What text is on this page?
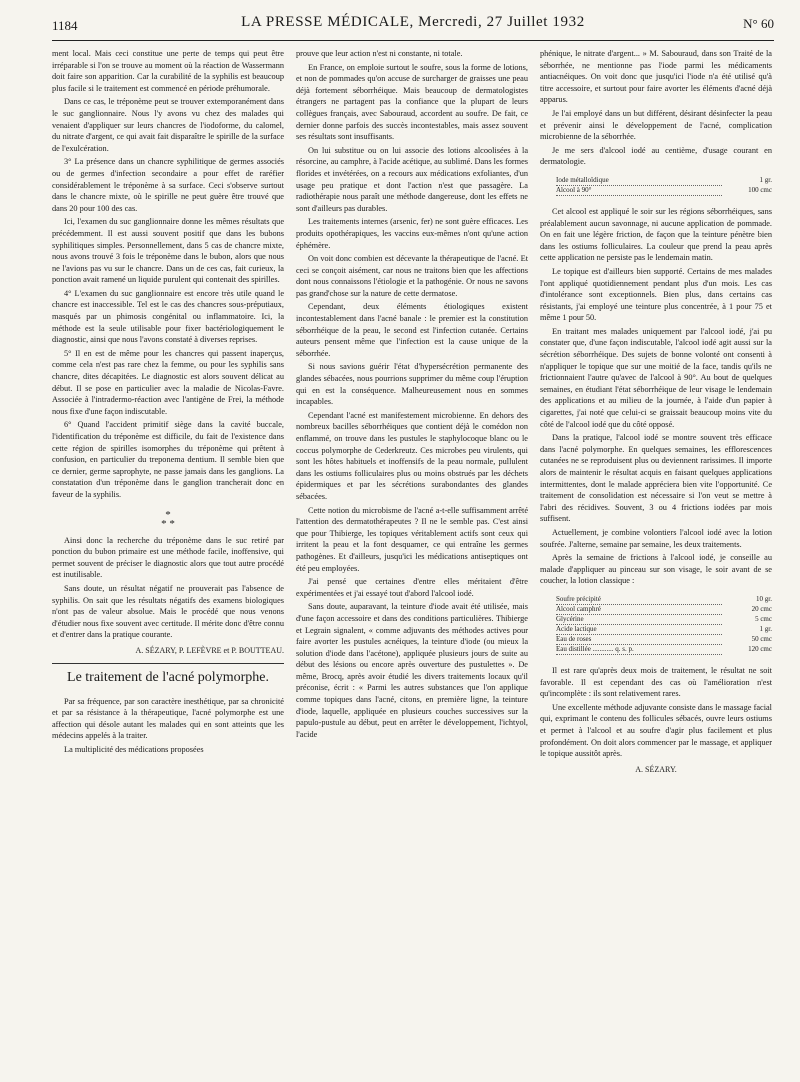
1184	LA PRESSE MÉDICALE, Mercredi, 27 Juillet 1932	N° 60

ment local. Mais ceci constitue une perte de temps qui peut être irréparable si l'on se trouve au moment où la réaction de Wassermann doit faire son apparition. Car la curabilité de la syphilis est beaucoup plus facile si le traitement est commencé en période préhumorale.

Dans ce cas, le tréponème peut se trouver extemporanément dans le suc ganglionnaire. Nous l'y avons vu chez des malades qui venaient d'appliquer sur leurs chancres de l'iodoforme, du calomel, du nitrate d'argent, ce qui avait fait disparaître le spirille de la surface de l'exulcération.

3° La présence dans un chancre syphilitique de germes associés ou de germes d'infection secondaire a pour effet de raréfier considérablement le tréponème à sa surface. Ceci s'observe surtout dans le chancre mixte, où le spirille ne peut guère être trouvé que dans 20 pour 100 des cas.

Ici, l'examen du suc ganglionnaire donne les mêmes résultats que précédemment. Il est aussi souvent positif que dans les bubons syphilitiques simples. Personnellement, dans 5 cas de chancre mixte, nous avons trouvé 3 fois le tréponème dans le bubon, alors que nous ne l'avions pas vu sur le chancre. Dans un de ces cas, fait curieux, la ponction avait ramené un liquide purulent qui contenait des spirilles.

4° L'examen du suc ganglionnaire est encore très utile quand le chancre est inaccessible. Tel est le cas des chancres sous-préputiaux, masqués par un phimosis congénital ou inflammatoire. Ici, la méthode est la seule utilisable pour fixer bactériologiquement le diagnostic, ainsi que nous l'avons constaté à diverses reprises.

5° Il en est de même pour les chancres qui passent inaperçus, comme cela n'est pas rare chez la femme, ou pour les syphilis sans chancre, dites décapitées. Le diagnostic est alors souvent délicat au début. Il se pose en particulier avec la maladie de Nicolas-Favre. Associée à l'intradermo-réaction avec l'antigène de Frei, la méthode nous fixe d'une façon indiscutable.

6° Quand l'accident primitif siège dans la cavité buccale, l'identification du tréponème est difficile, du fait de l'existence dans cette région de spirilles isomorphes du tréponème qui prêtent à confusion, en particulier du treponema dentium. Il semble bien que ce dernier, germe saprophyte, ne passe jamais dans les ganglions. La constatation d'un tréponème dans le ganglion trancherait donc en faveur de la syphilis.

*
* *

Ainsi donc la recherche du tréponème dans le suc retiré par ponction du bubon primaire est une méthode facile, inoffensive, qui permet souvent de préciser le diagnostic alors que tout autre procédé est inutilisable.

Sans doute, un résultat négatif ne prouverait pas l'absence de syphilis. On sait que les résultats négatifs des examens biologiques n'ont pas de valeur absolue. Mais le procédé que nous venons d'étudier nous fixe souvent avec certitude. Il mérite donc d'être connu et d'entrer dans la pratique courante.

A. SÉZARY, P. LEFÈVRE et P. BOUTTEAU.
Le traitement de l'acné polymorphe.

Par sa fréquence, par son caractère inesthétique, par sa chronicité et par sa résistance à la thérapeutique, l'acné polymorphe est une affection qui désole autant les malades qui en sont atteints que les médecins appelés à la traiter.

La multiplicité des médications proposées

prouve que leur action n'est ni constante, ni totale.

En France, on emploie surtout le soufre, sous la forme de lotions, et non de pommades qu'on accuse de surcharger de graisses une peau déjà fortement séborrhéique. Mais beaucoup de dermatologistes étrangers ne partagent pas la confiance que la plupart de leurs collègues français, avec Sabouraud, accordent au soufre. De fait, ce dernier donne parfois des succès incontestables, mais assez souvent ses résultats sont insuffisants.

On lui substitue ou on lui associe des lotions alcoolisées à la résorcine, au camphre, à l'acide acétique, au sublimé. Dans les formes florides et invétérées, on a recours aux médications exfoliantes, d'un usage peu pratique et dont l'action n'est que passagère. La radiothérapie nous paraît une méthode dangereuse, dont les effets ne sont d'ailleurs pas durables.

Les traitements internes (arsenic, fer) ne sont guère efficaces. Les produits opothérapiques, les vaccins eux-mêmes n'ont qu'une action éphémère.

On voit donc combien est décevante la thérapeutique de l'acné. Et ceci se conçoit aisément, car nous ne traitons bien que les affections dont nous connaissons l'étiologie et la pathogénie. Or nous ne savons pas grand'chose sur la nature de cette dermatose.

Cependant, deux éléments étiologiques existent incontestablement dans l'acné banale : le premier est la constitution séborrhéique de la peau, le second est l'infection cutanée. Certains auteurs pensent même que l'infection est la cause unique de la séborrhée.

Si nous savions guérir l'état d'hypersécrétion permanente des glandes sébacées, nous pourrions supprimer du même coup l'éruption qui en est la conséquence. Malheureusement nous en sommes incapables.

Cependant l'acné est manifestement microbienne. En dehors des nombreux bacilles séborrhéiques que contient déjà le comédon non enflammé, on trouve dans les pustules le staphylocoque blanc ou le coccus polymorphe de Cederkreutz. Ces microbes peu virulents, qui sont les hôtes habituels et inoffensifs de la peau normale, pullulent dans les ostiums folliculaires plus ou moins obstrués par les déchets épidermiques et par les sécrétions surabondantes des glandes sébacées.

Cette notion du microbisme de l'acné a-t-elle suffisamment arrêté l'attention des dermatothérapeutes ? Il ne le semble pas. C'est ainsi que pour Thibierge, les topiques véritablement actifs sont ceux qui irritent la peau et la font desquamer, ce qui entraîne les germes pathogènes. Et d'ailleurs, jusqu'ici les médications antiseptiques ont été peu employées.

J'ai pensé que certaines d'entre elles méritaient d'être expérimentées et j'ai essayé tout d'abord l'alcool iodé.

Sans doute, auparavant, la teinture d'iode avait été utilisée, mais d'une façon accessoire et dans des conditions particulières. Thibierge et Legrain signalent, « comme adjuvants des méthodes actives pour faire avorter les pustules acnéiques, la teinture d'iode (ou mieux la solution d'iode dans l'acétone), appliquée plusieurs jours de suite au début des lésions ou encore après ouverture des pustulettes ». De même, Brocq, après avoir étudié les divers traitements locaux qu'il préconise, écrit : « Parmi les autres substances que l'on applique comme topiques dans l'acné, citons, en première ligne, la teinture d'iode, laquelle, appliquée en plusieurs couches successives sur la papulo-pustule au début, peut en arrêter le développement, l'ichtyol, l'acide

phénique, le nitrate d'argent... » M. Sabouraud, dans son Traité de la séborrhée, ne mentionne pas l'iode parmi les médicaments antiacnéiques. On voit donc que jusqu'ici l'iode n'a été utilisé qu'à titre accessoire, et surtout pour faire avorter les éléments d'acné déjà apparus.

Je l'ai employé dans un but différent, désirant désinfecter la peau et prévenir ainsi le développement de l'acné, complication microbienne de la séborrhée.

Je me sers d'alcool iodé au centième, d'usage courant en dermatologie.

Iode métalloïdique	1 gr.
Alcool à 90°	100 cmc

Cet alcool est appliqué le soir sur les régions séborrhéiques, sans préalablement aucun savonnage, ni aucune application de pommade. On en fait une légère friction, de façon que la teinture pénètre bien dans les ostiums folliculaires. La couleur que prend la peau après cette application ne persiste pas le lendemain matin.

Le topique est d'ailleurs bien supporté. Certains de mes malades l'ont appliqué quotidiennement pendant plus d'un mois. Les cas d'intolérance sont exceptionnels. Bien plus, dans certains cas résistants, j'ai employé une teinture plus concentrée, à 1 pour 75 et même 1 pour 50.

En traitant mes malades uniquement par l'alcool iodé, j'ai pu constater que, d'une façon indiscutable, l'alcool iodé agit aussi sur la sécrétion séborrhéique. Des sujets de bonne volonté ont consenti à n'appliquer le topique que sur une moitié de la face, tandis qu'ils ne frictionnaient l'autre qu'avec de l'alcool à 90°. Au bout de quelques semaines, en étudiant l'état séborrhéique de leur visage le lendemain des applications et au milieu de la journée, à l'aide d'un papier à cigarettes, j'ai noté que celui-ci se graissait beaucoup moins vite du côté de l'alcool iodé que du côté opposé.

Dans la pratique, l'alcool iodé se montre souvent très efficace dans l'acné polymorphe. En quelques semaines, les efflorescences cutanées ne se reproduisent plus ou deviennent rarissimes. Il importe alors de maintenir le résultat acquis en faisant quelques applications intermittentes, dont le malade appréciera bien vite l'opportunité. Ce traitement de consolidation est nécessaire si l'on veut se mettre à l'abri des récidives. Souvent, 3 ou 4 frictions iodées par mois suffisent.

Actuellement, je combine volontiers l'alcool iodé avec la lotion soufrée. J'alterne, semaine par semaine, les deux traitements.

Après la semaine de frictions à l'alcool iodé, je conseille au malade d'appliquer au pinceau sur son visage, le soir avant de se coucher, la lotion classique :

Soufre précipité	10 gr.
Alcool camphré	20 cmc
Glycérine	5 cmc
Acide lactique	1 gr.
Eau de roses	50 cmc
Eau distillée ............ q. s. p.	120 cmc

Il est rare qu'après deux mois de traitement, le résultat ne soit favorable. Il est cependant des cas où l'amélioration n'est qu'incomplète : ils sont relativement rares.

Une excellente méthode adjuvante consiste dans le massage facial qui, exprimant le contenu des follicules sébacés, ouvre leurs ostiums et permet à l'alcool et au soufre d'agir plus facilement et plus profondément. On doit alors commencer par le massage, et appliquer le topique aussitôt après.

A. SÉZARY.
